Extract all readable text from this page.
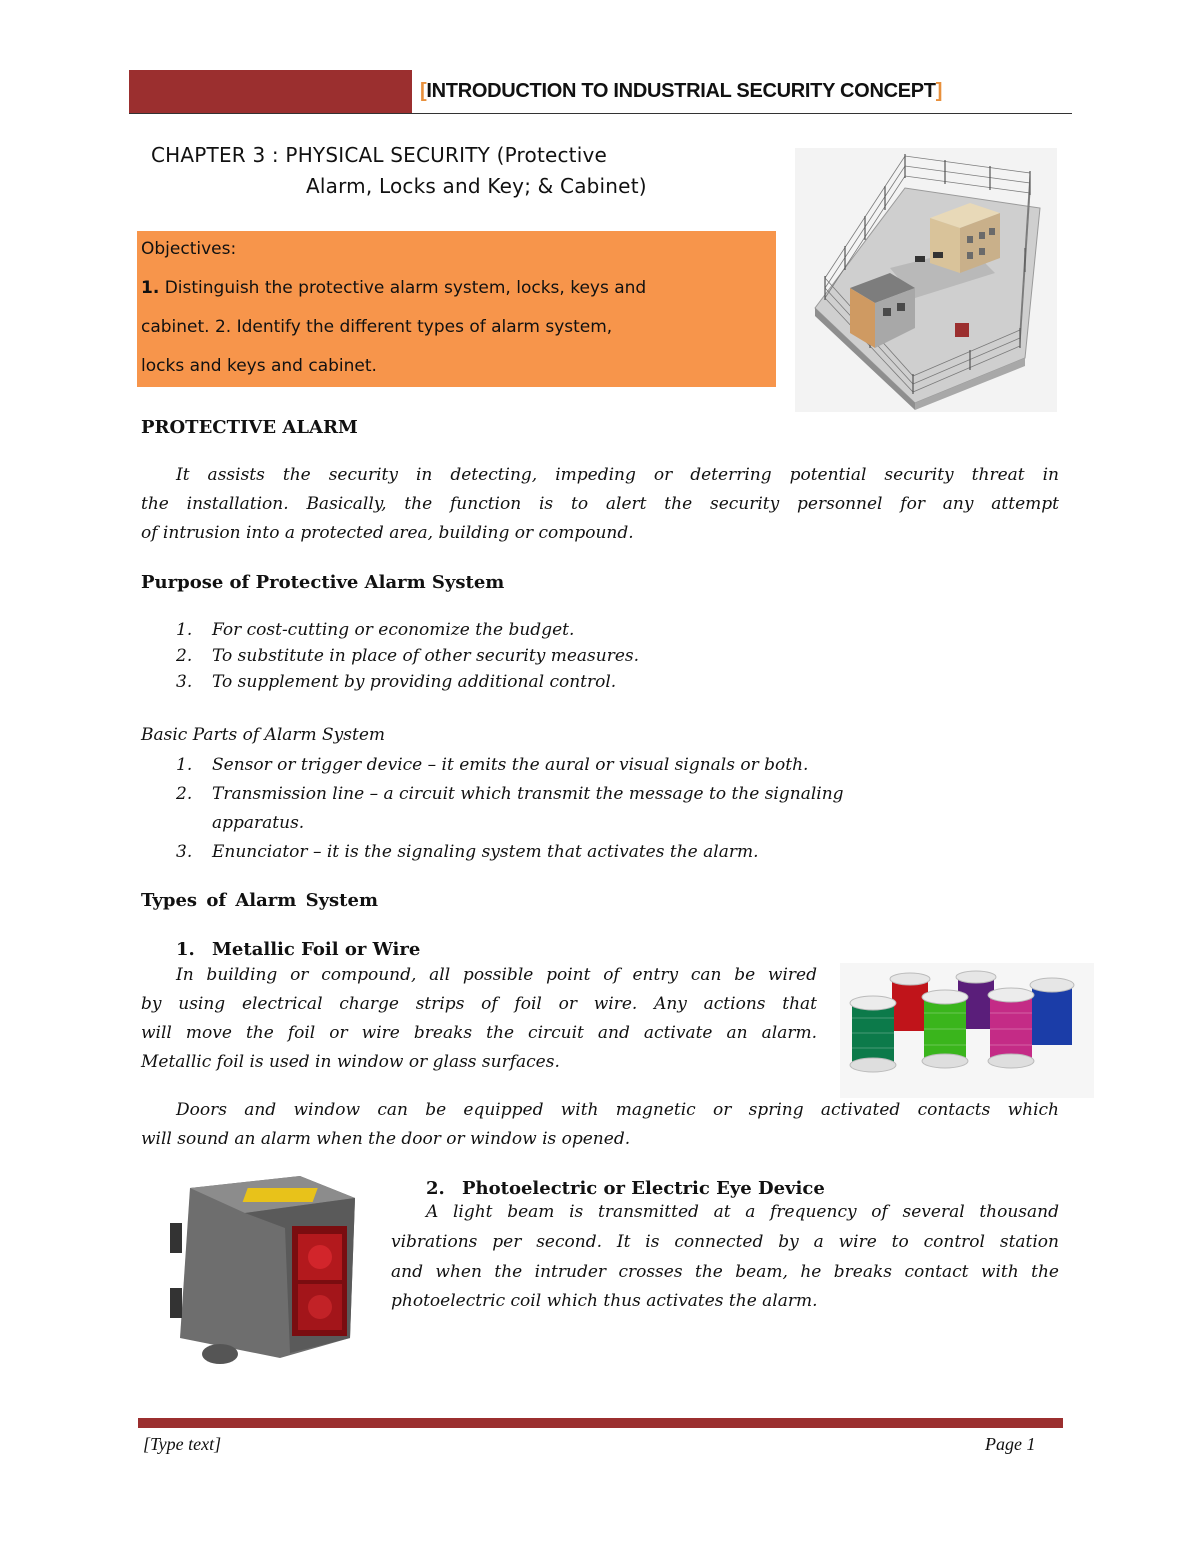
[INTRODUCTION TO INDUSTRIAL SECURITY CONCEPT]
CHAPTER 3 : PHYSICAL SECURITY (Protective
Alarm, Locks and Key; & Cabinet)
Objectives:
1. Distinguish the protective alarm system, locks, keys and
cabinet. 2. Identify the different types of alarm system,
locks and keys and cabinet.
PROTECTIVE ALARM
It assists the security in detecting, impeding or deterring potential security threat in
the installation. Basically, the function is to alert the security personnel for any attempt
of intrusion into a protected area, building or compound.
Purpose of Protective Alarm System
1. For cost-cutting or economize the budget.
2. To substitute in place of other security measures.
3. To supplement by providing additional control.
Basic Parts of Alarm System
1. Sensor or trigger device – it emits the aural or visual signals or both.
2. Transmission line – a circuit which transmit the message to the signaling
apparatus.
3. Enunciator – it is the signaling system that activates the alarm.
Types of Alarm System
1. Metallic Foil or Wire
In building or compound, all possible point of entry can be wired
by using electrical charge strips of foil or wire. Any actions that
will move the foil or wire breaks the circuit and activate an alarm.
Metallic foil is used in window or glass surfaces.
Doors and window can be equipped with magnetic or spring activated contacts which
will sound an alarm when the door or window is opened.
2. Photoelectric or Electric Eye Device
A light beam is transmitted at a frequency of several thousand
vibrations per second. It is connected by a wire to control station
and when the intruder crosses the beam, he breaks contact with the
photoelectric coil which thus activates the alarm.
[Type text]	Page 1
